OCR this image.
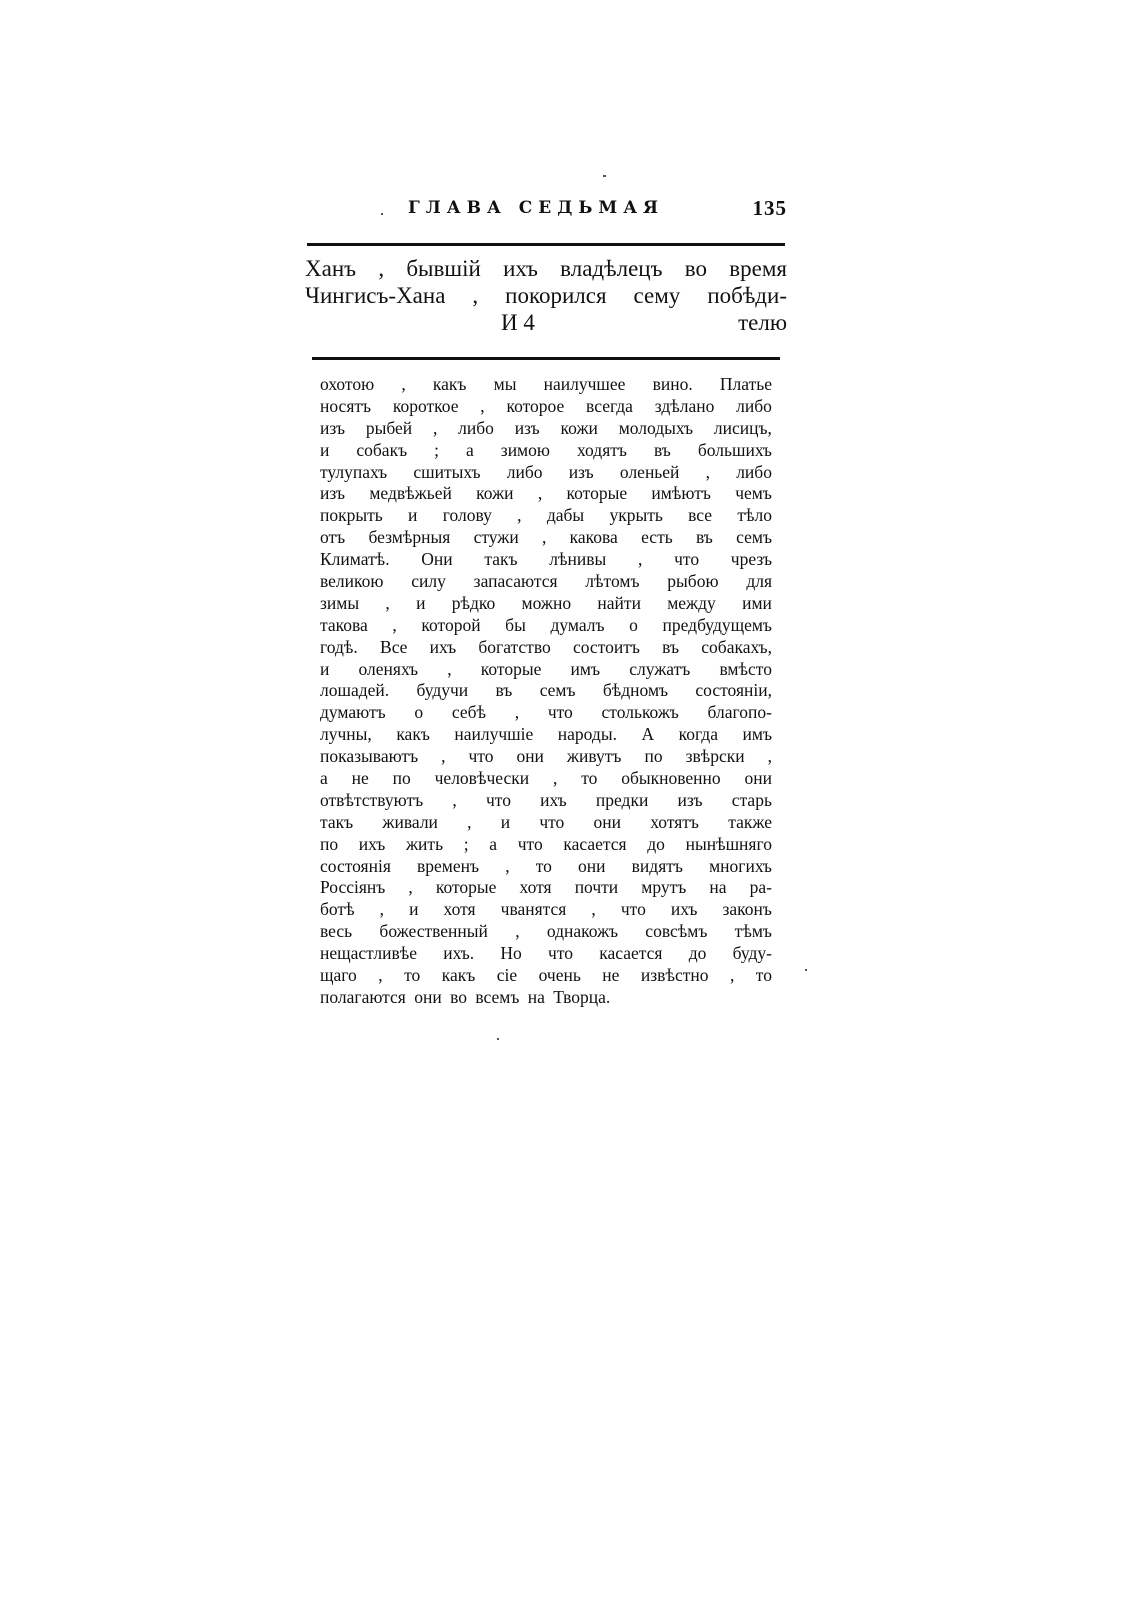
ГЛАВА СЕДЬМАЯ	135
Ханъ , бывшій ихъ владѣлецъ во время
Чингисъ-Хана , покорился сему побѣди-
И 4	телю
охотою , какъ мы наилучшее вино. Платье
носятъ короткое , которое всегда здѣлано либо
изъ рыбей , либо изъ кожи молодыхъ лисицъ,
и собакъ ; а зимою ходятъ въ большихъ
тулупахъ сшитыхъ либо изъ оленьей , либо
изъ медвѣжьей кожи , которые имѣютъ чемъ
покрыть и голову , дабы укрыть все тѣло
отъ безмѣрныя стужи , какова есть въ семъ
Климатѣ. Они такъ лѣнивы , что чрезъ
великою силу запасаются лѣтомъ рыбою для
зимы , и рѣдко можно найти между ими
такова , которой бы думалъ о предбудущемъ
годѣ. Все ихъ богатство состоитъ въ собакахъ,
и оленяхъ , которые имъ служатъ вмѣсто
лошадей. будучи въ семъ бѣдномъ состояніи,
думаютъ о себѣ , что столькожъ благопо-
лучны, какъ наилучшіе народы. А когда имъ
показываютъ , что они живутъ по звѣрски ,
а не по человѣчески , то обыкновенно они
отвѣтствуютъ , что ихъ предки изъ старь
такъ живали , и что они хотятъ также
по ихъ жить ; а что касается до нынѣшняго
состоянія временъ , то они видятъ многихъ
Россіянъ , которые хотя почти мрутъ на ра-
ботѣ , и хотя чванятся , что ихъ законъ
весь божественный , однакожъ совсѣмъ тѣмъ
нещастливѣе ихъ. Но что касается до буду-
щаго , то какъ сіе очень не извѣстно , то
полагаются они во всемъ на Творца.
